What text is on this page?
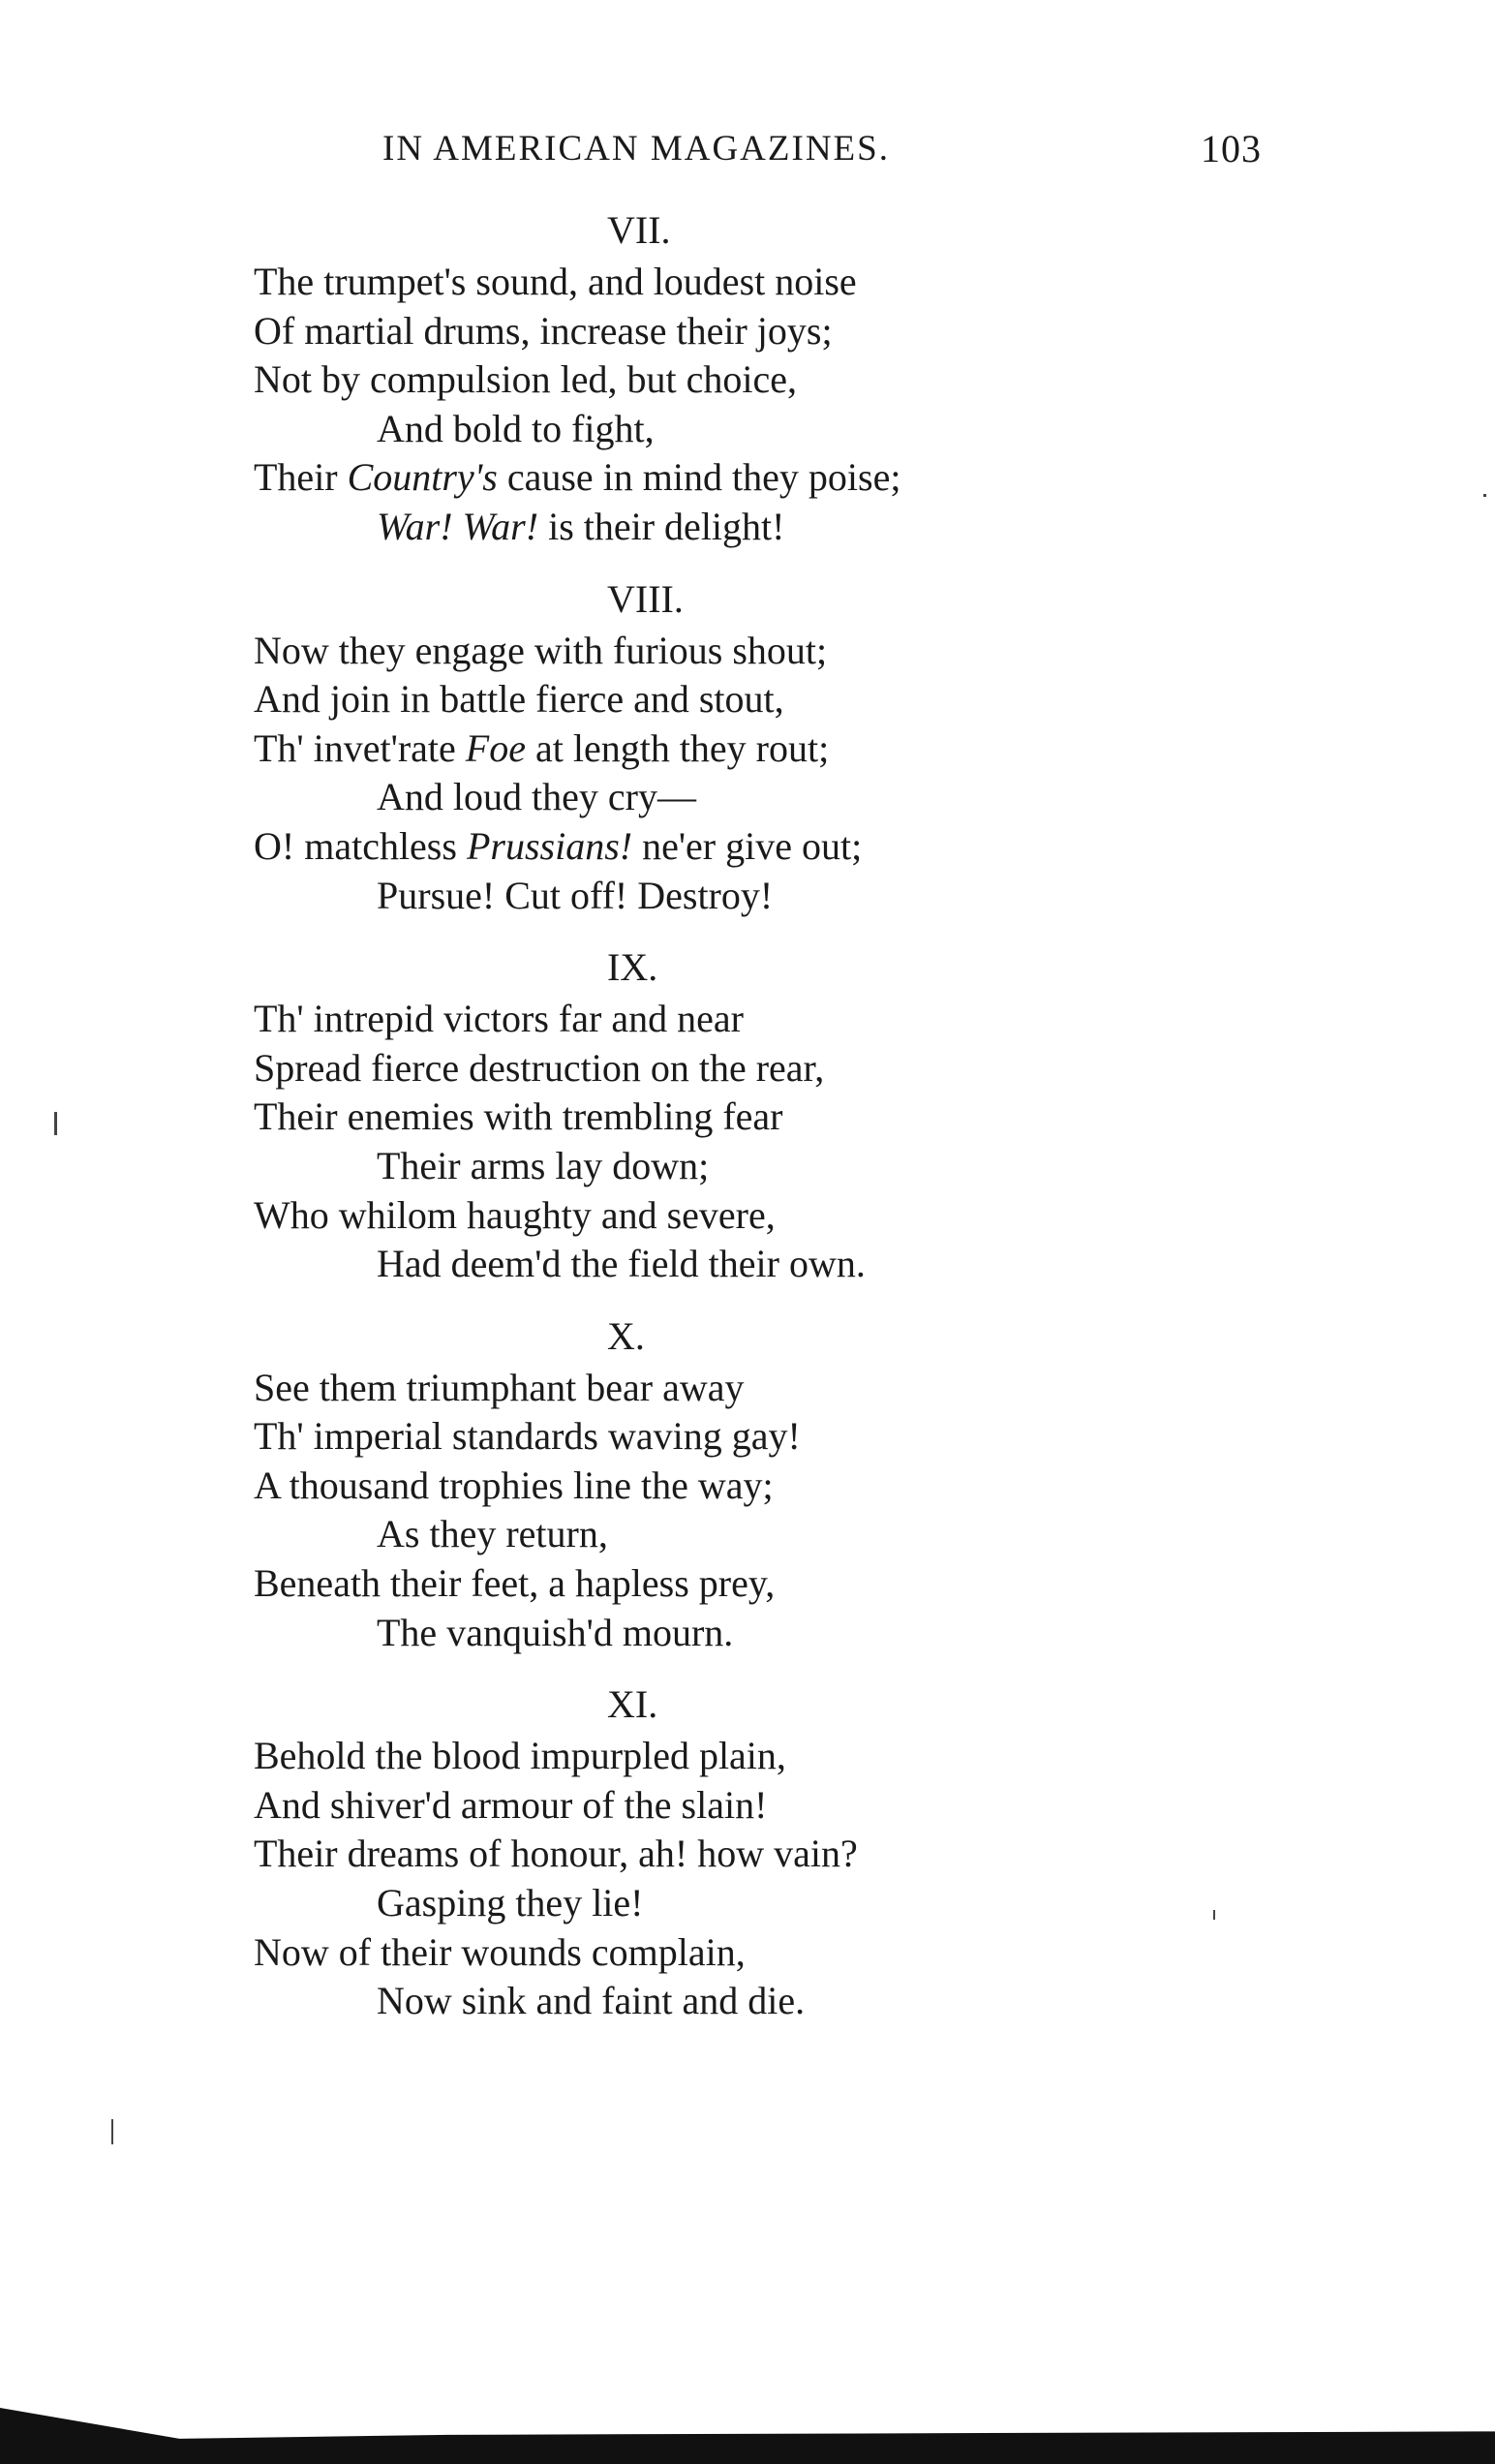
IN AMERICAN MAGAZINES.	103
VII.
The trumpet's sound, and loudest noise
Of martial drums, increase their joys;
Not by compulsion led, but choice,
And bold to fight,
Their Country's cause in mind they poise;
War! War! is their delight!
VIII.
Now they engage with furious shout;
And join in battle fierce and stout,
Th' invet'rate Foe at length they rout;
And loud they cry—
O! matchless Prussians! ne'er give out;
Pursue! Cut off! Destroy!
IX.
Th' intrepid victors far and near
Spread fierce destruction on the rear,
Their enemies with trembling fear
Their arms lay down;
Who whilom haughty and severe,
Had deem'd the field their own.
X.
See them triumphant bear away
Th' imperial standards waving gay!
A thousand trophies line the way;
As they return,
Beneath their feet, a hapless prey,
The vanquish'd mourn.
XI.
Behold the blood impurpled plain,
And shiver'd armour of the slain!
Their dreams of honour, ah! how vain?
Gasping they lie!
Now of their wounds complain,
Now sink and faint and die.
